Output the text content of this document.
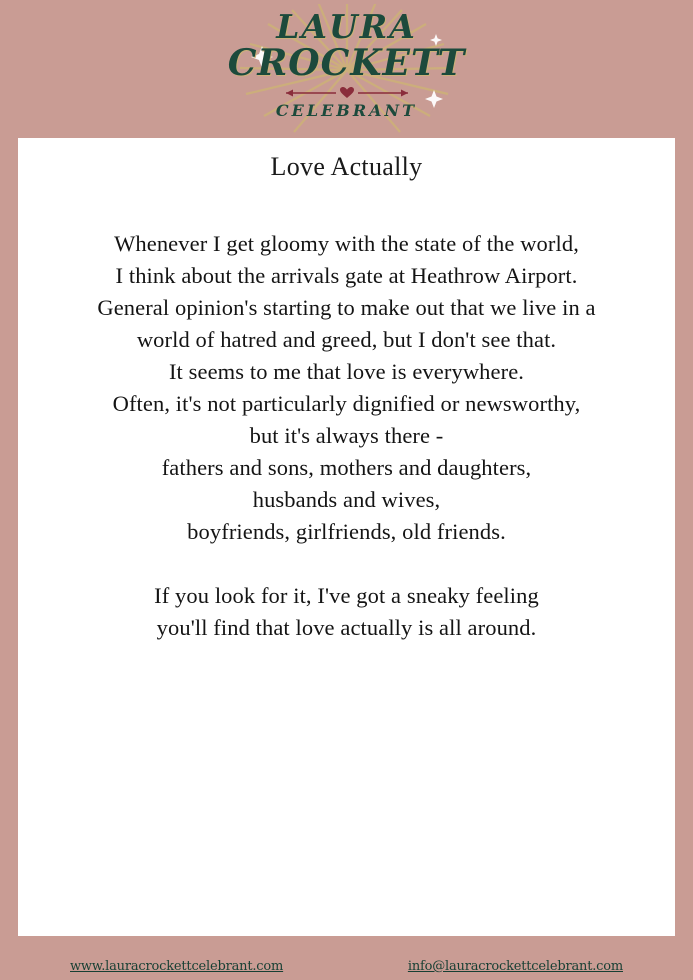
LAURA
CROCKETT
CELEBRANT
Love Actually
Whenever I get gloomy with the state of the world,
I think about the arrivals gate at Heathrow Airport.
General opinion's starting to make out that we live in a
world of hatred and greed, but I don't see that.
It seems to me that love is everywhere.
Often, it's not particularly dignified or newsworthy,
but it's always there -
fathers and sons, mothers and daughters,
husbands and wives,
boyfriends, girlfriends, old friends.
If you look for it, I've got a sneaky feeling
you'll find that love actually is all around.
www.lauracrockettcelebrant.com	info@lauracrockettcelebrant.com
